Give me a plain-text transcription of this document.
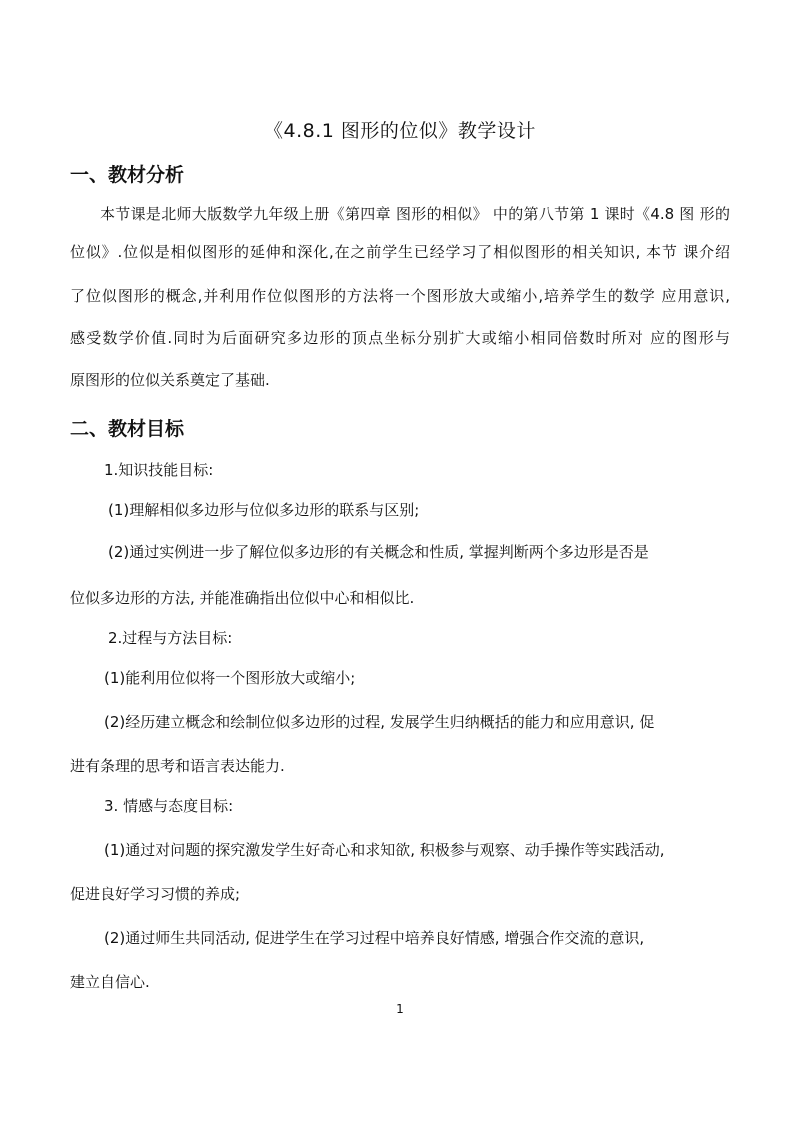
《4.8.1 图形的位似》教学设计
一、教材分析
本节课是北师大版数学九年级上册《第四章 图形的相似》 中的第八节第 1 课时《4.8 图 形的
位似》.位似是相似图形的延伸和深化,在之前学生已经学习了相似图形的相关知识, 本节 课介绍
了位似图形的概念,并利用作位似图形的方法将一个图形放大或缩小,培养学生的数学 应用意识,
感受数学价值.同时为后面研究多边形的顶点坐标分别扩大或缩小相同倍数时所对 应的图形与
原图形的位似关系奠定了基础.
二、教材目标
1.知识技能目标:
(1)理解相似多边形与位似多边形的联系与区别;
(2)通过实例进一步了解位似多边形的有关概念和性质, 掌握判断两个多边形是否是
位似多边形的方法, 并能准确指出位似中心和相似比.
2.过程与方法目标:
(1)能利用位似将一个图形放大或缩小;
(2)经历建立概念和绘制位似多边形的过程, 发展学生归纳概括的能力和应用意识, 促
进有条理的思考和语言表达能力.
3. 情感与态度目标:
(1)通过对问题的探究激发学生好奇心和求知欲, 积极参与观察、动手操作等实践活动,
促进良好学习习惯的养成;
(2)通过师生共同活动, 促进学生在学习过程中培养良好情感, 增强合作交流的意识,
建立自信心.
1
